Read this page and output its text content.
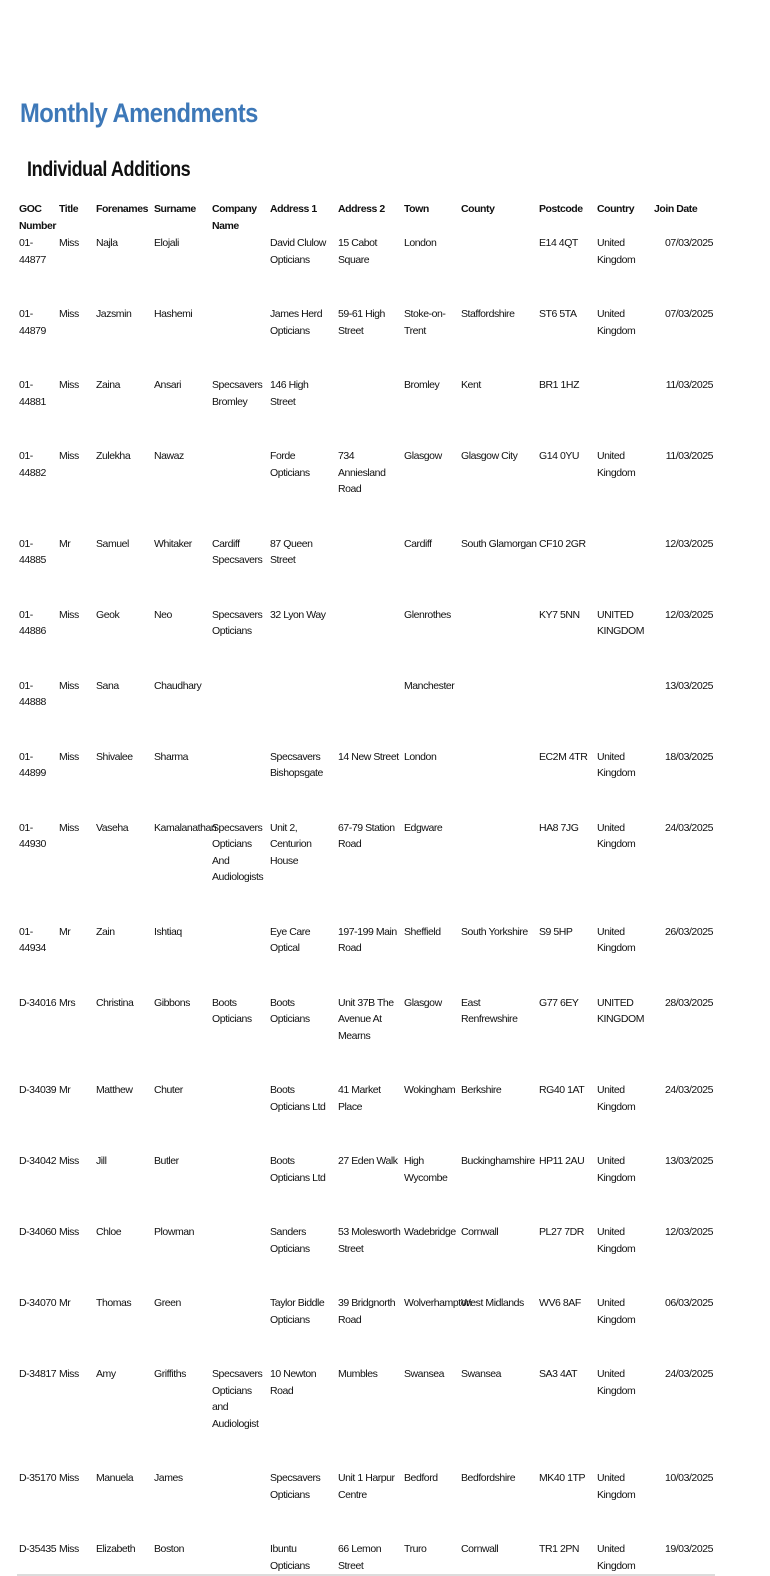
Monthly Amendments
Individual Additions
GOC Number	Title	Forenames	Surname	Company Name	Address 1	Address 2	Town	County	Postcode	Country	Join Date
01-44877	Miss	Najla	Elojali		David Clulow Opticians	15 Cabot Square	London		E14 4QT	United Kingdom	07/03/2025
01-44879	Miss	Jazsmin	Hashemi		James Herd Opticians	59-61 High Street	Stoke-on-Trent	Staffordshire	ST6 5TA	United Kingdom	07/03/2025
01-44881	Miss	Zaina	Ansari	Specsavers Bromley	146 High Street		Bromley	Kent	BR1 1HZ		11/03/2025
01-44882	Miss	Zulekha	Nawaz		Forde Opticians	734 Anniesland Road	Glasgow	Glasgow City	G14 0YU	United Kingdom	11/03/2025
01-44885	Mr	Samuel	Whitaker	Cardiff Specsavers	87 Queen Street		Cardiff	South Glamorgan	CF10 2GR		12/03/2025
01-44886	Miss	Geok	Neo	Specsavers Opticians	32 Lyon Way		Glenrothes		KY7 5NN	UNITED KINGDOM	12/03/2025
01-44888	Miss	Sana	Chaudhary				Manchester				13/03/2025
01-44899	Miss	Shivalee	Sharma		Specsavers Bishopsgate	14 New Street	London		EC2M 4TR	United Kingdom	18/03/2025
01-44930	Miss	Vaseha	Kamalanathan	Specsavers Opticians And Audiologists	Unit 2, Centurion House	67-79 Station Road	Edgware		HA8 7JG	United Kingdom	24/03/2025
01-44934	Mr	Zain	Ishtiaq		Eye Care Optical	197-199 Main Road	Sheffield	South Yorkshire	S9 5HP	United Kingdom	26/03/2025
D-34016	Mrs	Christina	Gibbons	Boots Opticians	Boots Opticians	Unit 37B The Avenue At Mearns	Glasgow	East Renfrewshire	G77 6EY	UNITED KINGDOM	28/03/2025
D-34039	Mr	Matthew	Chuter		Boots Opticians Ltd	41 Market Place	Wokingham	Berkshire	RG40 1AT	United Kingdom	24/03/2025
D-34042	Miss	Jill	Butler		Boots Opticians Ltd	27 Eden Walk	High Wycombe	Buckinghamshire	HP11 2AU	United Kingdom	13/03/2025
D-34060	Miss	Chloe	Plowman		Sanders Opticians	53 Molesworth Street	Wadebridge	Cornwall	PL27 7DR	United Kingdom	12/03/2025
D-34070	Mr	Thomas	Green		Taylor Biddle Opticians	39 Bridgnorth Road	Wolverhampton	West Midlands	WV6 8AF	United Kingdom	06/03/2025
D-34817	Miss	Amy	Griffiths	Specsavers Opticians and Audiologist	10 Newton Road	Mumbles	Swansea	Swansea	SA3 4AT	United Kingdom	24/03/2025
D-35170	Miss	Manuela	James		Specsavers Opticians	Unit 1 Harpur Centre	Bedford	Bedfordshire	MK40 1TP	United Kingdom	10/03/2025
D-35435	Miss	Elizabeth	Boston		Ibuntu Opticians	66 Lemon Street	Truro	Cornwall	TR1 2PN	United Kingdom	19/03/2025
